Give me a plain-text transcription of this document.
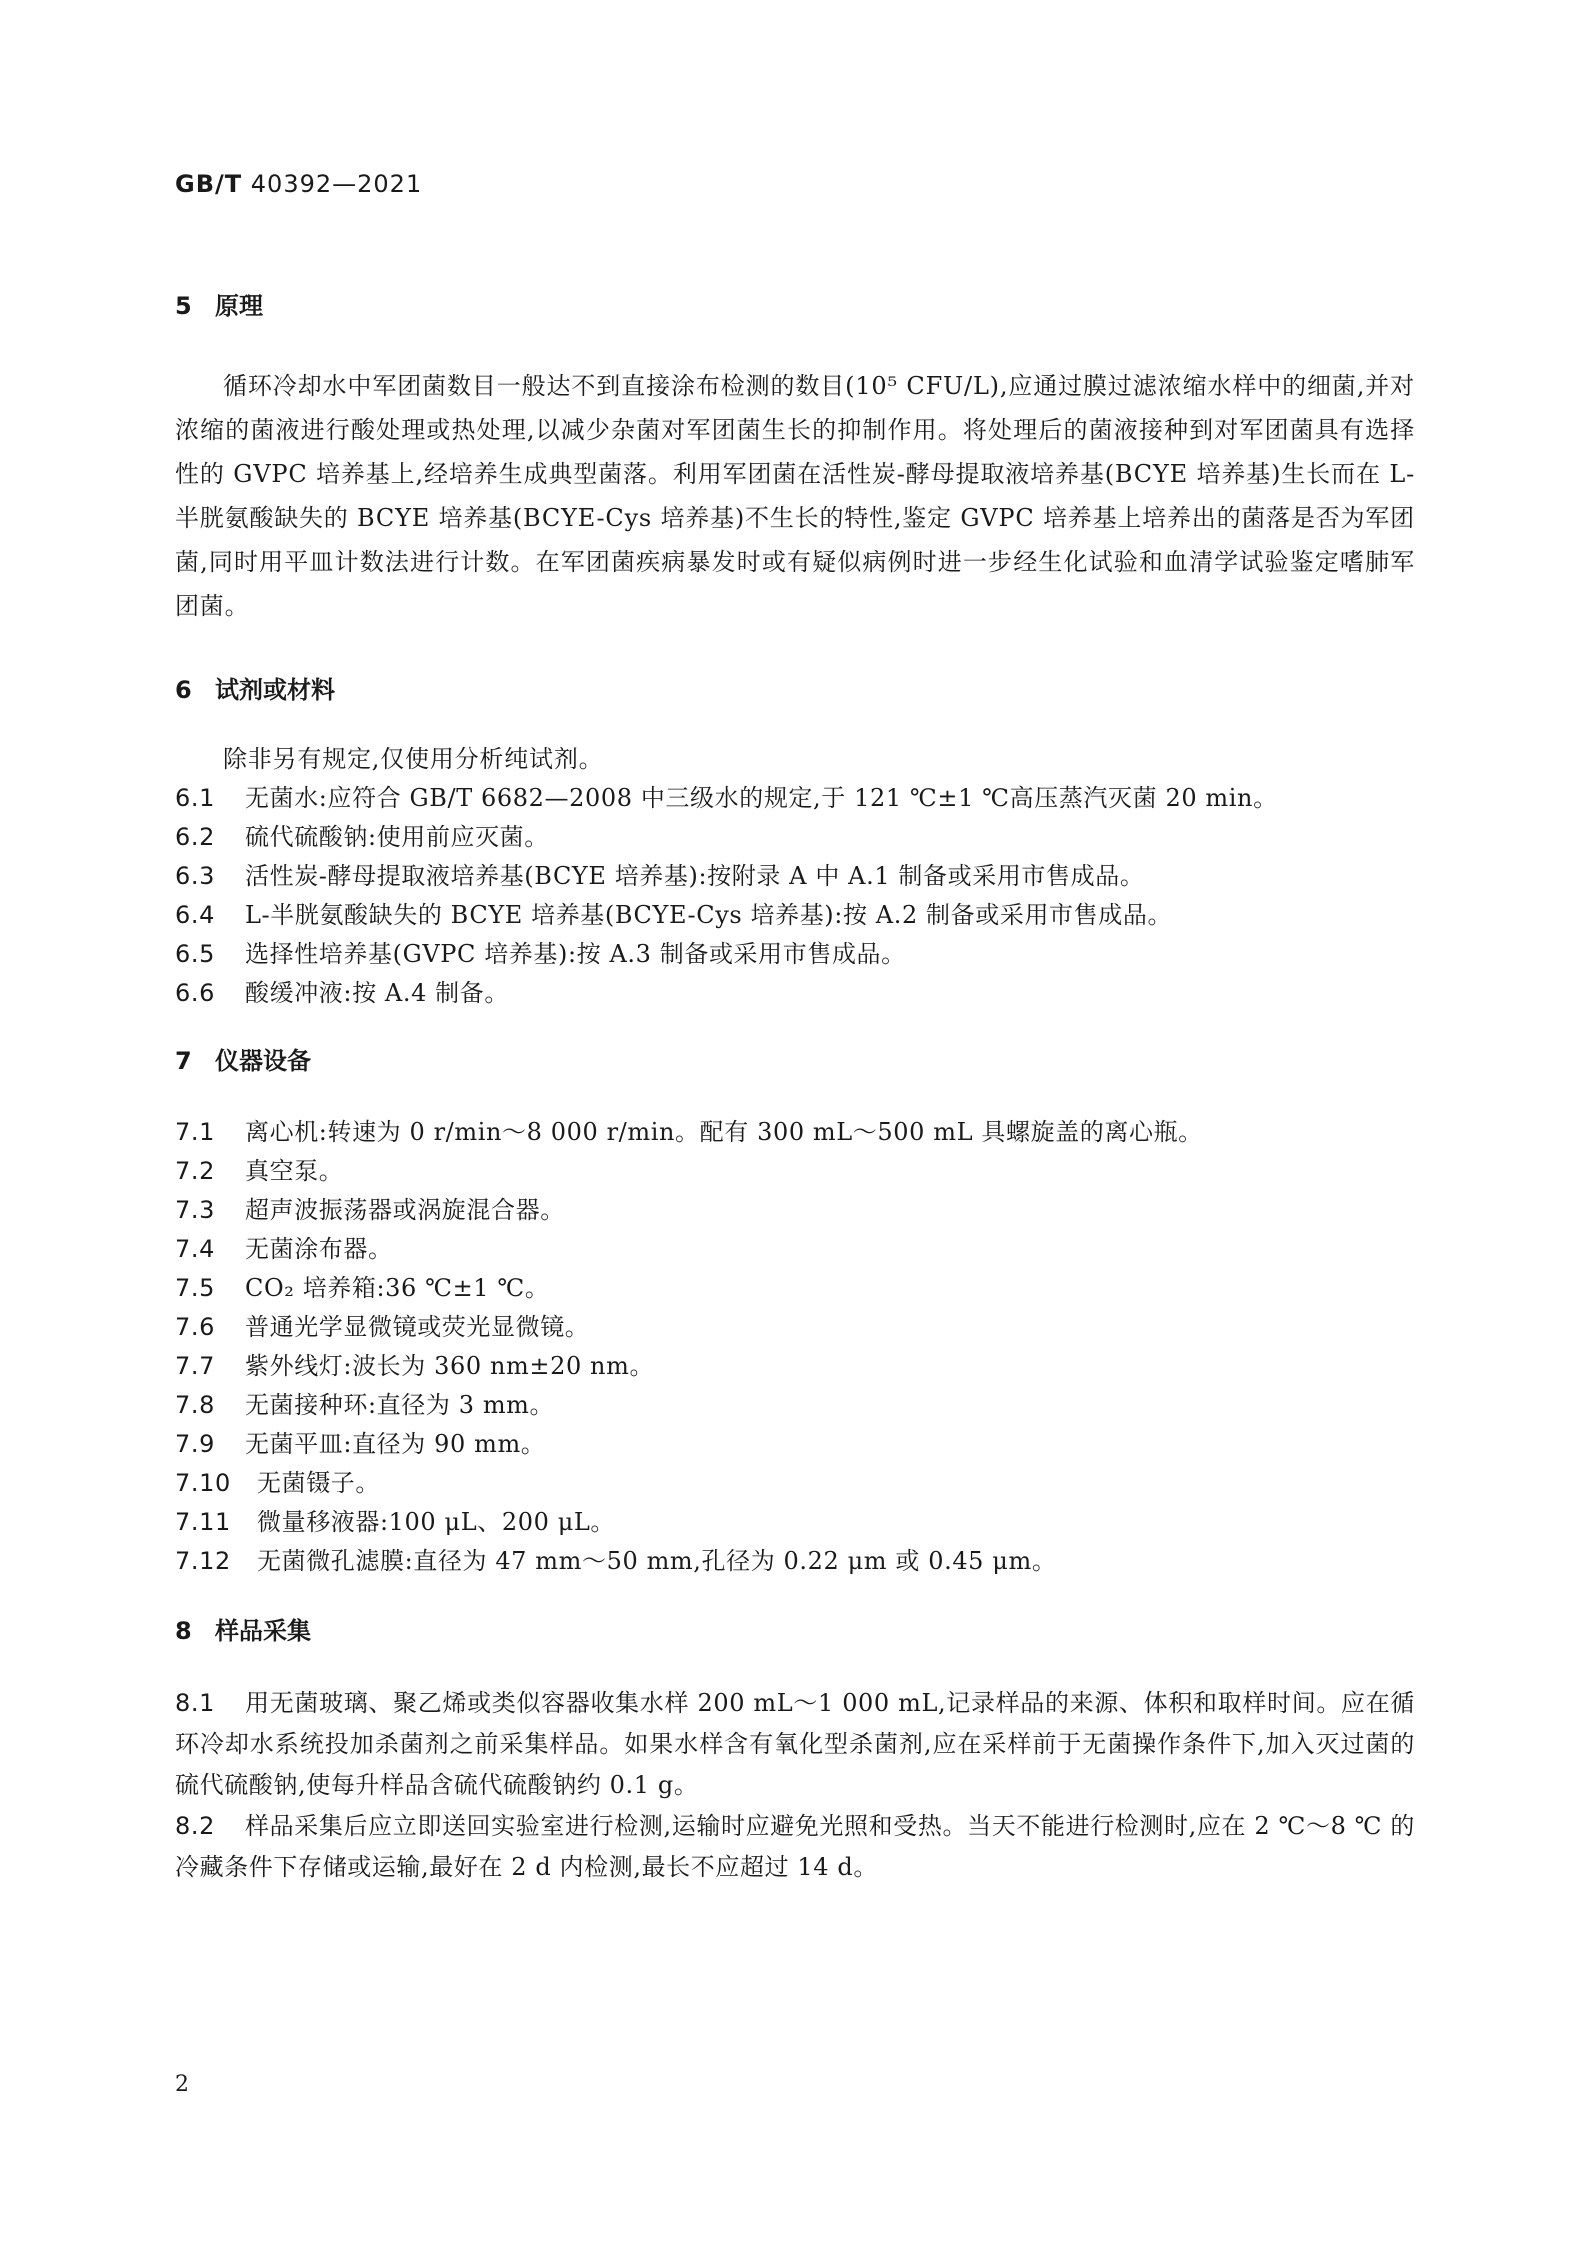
GB/T 40392—2021
5 原理
循环冷却水中军团菌数目一般达不到直接涂布检测的数目(10⁵ CFU/L),应通过膜过滤浓缩水样中的细菌,并对浓缩的菌液进行酸处理或热处理,以减少杂菌对军团菌生长的抑制作用。将处理后的菌液接种到对军团菌具有选择性的 GVPC 培养基上,经培养生成典型菌落。利用军团菌在活性炭-酵母提取液培养基(BCYE 培养基)生长而在 L-半胱氨酸缺失的 BCYE 培养基(BCYE-Cys 培养基)不生长的特性,鉴定 GVPC 培养基上培养出的菌落是否为军团菌,同时用平皿计数法进行计数。在军团菌疾病暴发时或有疑似病例时进一步经生化试验和血清学试验鉴定嗜肺军团菌。
6 试剂或材料
除非另有规定,仅使用分析纯试剂。
6.1 无菌水:应符合 GB/T 6682—2008 中三级水的规定,于 121 ℃±1 ℃高压蒸汽灭菌 20 min。
6.2 硫代硫酸钠:使用前应灭菌。
6.3 活性炭-酵母提取液培养基(BCYE 培养基):按附录 A 中 A.1 制备或采用市售成品。
6.4 L-半胱氨酸缺失的 BCYE 培养基(BCYE-Cys 培养基):按 A.2 制备或采用市售成品。
6.5 选择性培养基(GVPC 培养基):按 A.3 制备或采用市售成品。
6.6 酸缓冲液:按 A.4 制备。
7 仪器设备
7.1 离心机:转速为 0 r/min～8 000 r/min。配有 300 mL～500 mL 具螺旋盖的离心瓶。
7.2 真空泵。
7.3 超声波振荡器或涡旋混合器。
7.4 无菌涂布器。
7.5 CO₂ 培养箱:36 ℃±1 ℃。
7.6 普通光学显微镜或荧光显微镜。
7.7 紫外线灯:波长为 360 nm±20 nm。
7.8 无菌接种环:直径为 3 mm。
7.9 无菌平皿:直径为 90 mm。
7.10 无菌镊子。
7.11 微量移液器:100 μL、200 μL。
7.12 无菌微孔滤膜:直径为 47 mm～50 mm,孔径为 0.22 μm 或 0.45 μm。
8 样品采集
8.1 用无菌玻璃、聚乙烯或类似容器收集水样 200 mL～1 000 mL,记录样品的来源、体积和取样时间。应在循环冷却水系统投加杀菌剂之前采集样品。如果水样含有氧化型杀菌剂,应在采样前于无菌操作条件下,加入灭过菌的硫代硫酸钠,使每升样品含硫代硫酸钠约 0.1 g。
8.2 样品采集后应立即送回实验室进行检测,运输时应避免光照和受热。当天不能进行检测时,应在 2 ℃～8 ℃ 的冷藏条件下存储或运输,最好在 2 d 内检测,最长不应超过 14 d。
2
